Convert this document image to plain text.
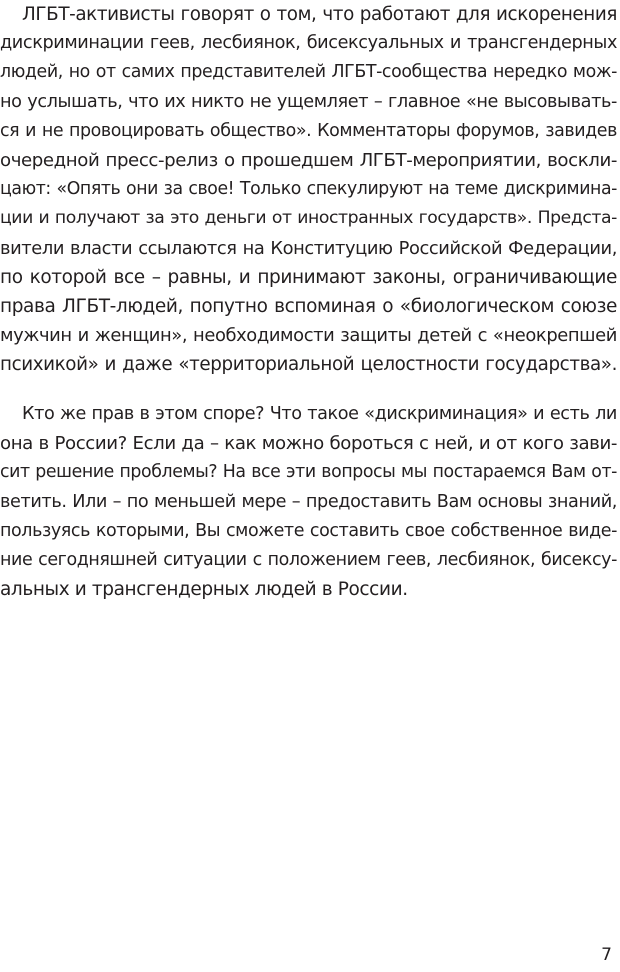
ЛГБТ-активисты говорят о том, что работают для искоренения
дискриминации геев, лесбиянок, бисексуальных и трансгендерных
людей, но от самих представителей ЛГБТ-сообщества нередко мож-
но услышать, что их никто не ущемляет – главное «не высовывать-
ся и не провоцировать общество». Комментаторы форумов, завидев
очередной пресс-релиз о прошедшем ЛГБТ-мероприятии, воскли-
цают: «Опять они за свое! Только спекулируют на теме дискримина-
ции и получают за это деньги от иностранных государств». Предста-
вители власти ссылаются на Конституцию Российской Федерации,
по которой все – равны, и принимают законы, ограничивающие
права ЛГБТ-людей, попутно вспоминая о «биологическом союзе
мужчин и женщин», необходимости защиты детей с «неокрепшей
психикой» и даже «территориальной целостности государства».
Кто же прав в этом споре? Что такое «дискриминация» и есть ли
она в России? Если да – как можно бороться с ней, и от кого зави-
сит решение проблемы? На все эти вопросы мы постараемся Вам от-
ветить. Или – по меньшей мере – предоставить Вам основы знаний,
пользуясь которыми, Вы сможете составить свое собственное виде-
ние сегодняшней ситуации с положением геев, лесбиянок, бисексу-
альных и трансгендерных людей в России.
7
